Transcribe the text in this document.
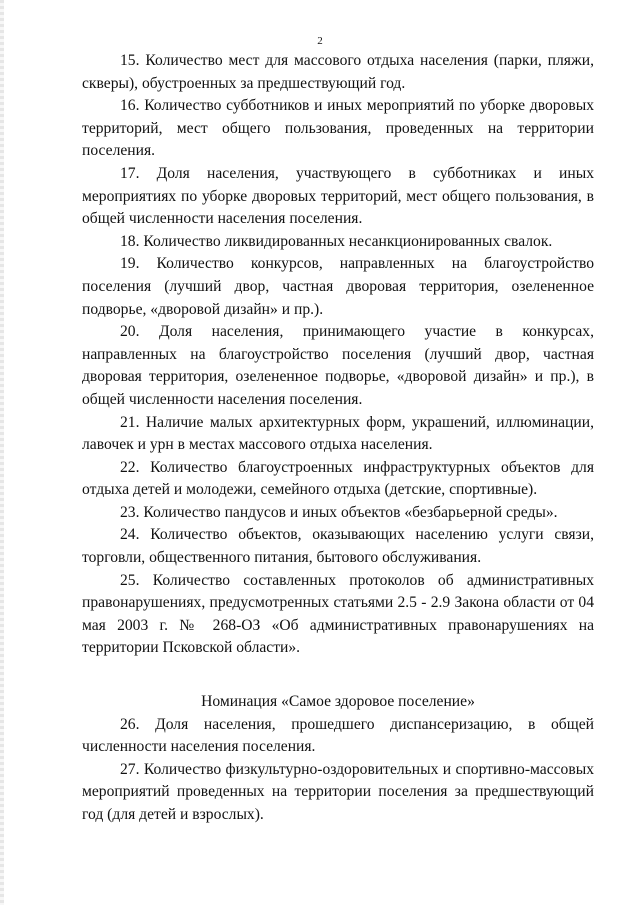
2

15. Количество мест для массового отдыха населения (парки, пляжи, скверы), обустроенных за предшествующий год.

16. Количество субботников и иных мероприятий по уборке дворовых территорий, мест общего пользования, проведенных на территории поселения.

17. Доля населения, участвующего в субботниках и иных мероприятиях по уборке дворовых территорий, мест общего пользования, в общей численности населения поселения.

18. Количество ликвидированных несанкционированных свалок.

19. Количество конкурсов, направленных на благоустройство поселения (лучший двор, частная дворовая территория, озелененное подворье, «дворовой дизайн» и пр.).

20. Доля населения, принимающего участие в конкурсах, направленных на благоустройство поселения (лучший двор, частная дворовая территория, озелененное подворье, «дворовой дизайн» и пр.), в общей численности населения поселения.

21. Наличие малых архитектурных форм, украшений, иллюминации, лавочек и урн в местах массового отдыха населения.

22. Количество благоустроенных инфраструктурных объектов для отдыха детей и молодежи, семейного отдыха (детские, спортивные).

23. Количество пандусов и иных объектов «безбарьерной среды».

24. Количество объектов, оказывающих населению услуги связи, торговли, общественного питания, бытового обслуживания.

25. Количество составленных протоколов об административных правонарушениях, предусмотренных статьями 2.5 - 2.9 Закона области от 04 мая 2003 г. № 268-ОЗ «Об административных правонарушениях на территории Псковской области».

Номинация «Самое здоровое поселение»

26. Доля населения, прошедшего диспансеризацию, в общей численности населения поселения.

27. Количество физкультурно-оздоровительных и спортивно-массовых мероприятий проведенных на территории поселения за предшествующий год (для детей и взрослых).
